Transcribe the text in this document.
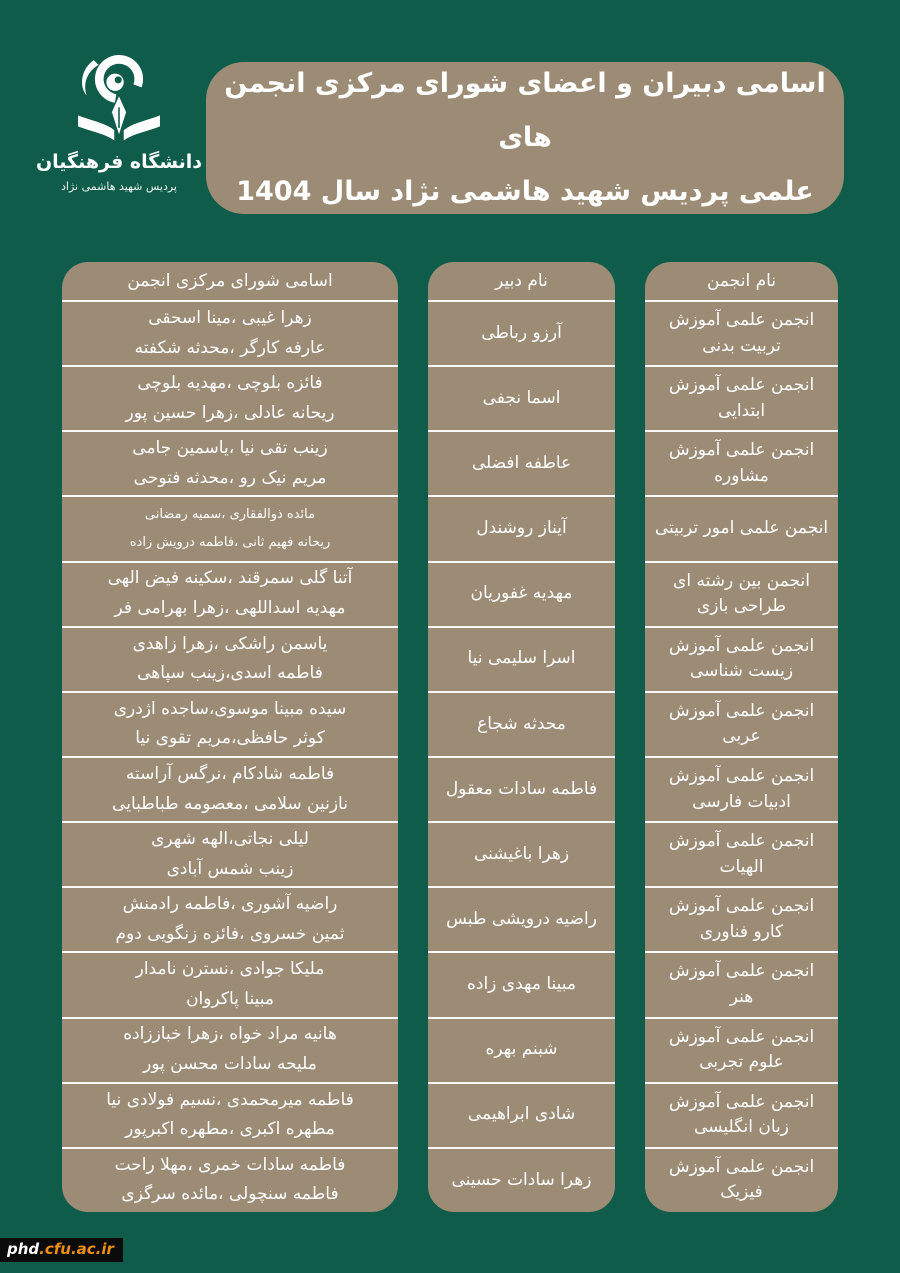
دانشگاه فرهنگیان
پردیس شهید هاشمی نژاد
اسامی دبیران و اعضای شورای مرکزی انجمن های
علمی پردیس شهید هاشمی نژاد سال 1404
نام انجمن
انجمن علمی آموزش
تربیت بدنی
انجمن علمی آموزش
ابتدایی
انجمن علمی آموزش
مشاوره
انجمن علمی امور تربیتی
انجمن بین رشته ای
طراحی بازی
انجمن علمی آموزش
زیست شناسی
انجمن علمی آموزش
عربی
انجمن علمی آموزش
ادبیات فارسی
انجمن علمی آموزش
الهیات
انجمن علمی آموزش
کارو فناوری
انجمن علمی آموزش
هنر
انجمن علمی آموزش
علوم تجربی
انجمن علمی آموزش
زبان انگلیسی
انجمن علمی آموزش
فیزیک
نام دبیر
آرزو رباطی
اسما نجفی
عاطفه افضلی
آیناز روشندل
مهدیه غفوریان
اسرا سلیمی نیا
محدثه شجاع
فاطمه سادات معقول
زهرا باغیشنی
راضیه درویشی طبس
مبینا مهدی زاده
شبنم بهره
شادی ابراهیمی
زهرا سادات حسینی
اسامی شورای مرکزی انجمن
زهرا غیبی ،مینا اسحقی
عارفه کارگر ،محدثه شکفته
فائزه بلوچی ،مهدیه بلوچی
ریحانه عادلی ،زهرا حسین پور
زینب تقی نیا ،یاسمین جامی
مریم نیک رو ،محدثه فتوحی
مائده ذوالفقاری ،سمیه رمضانی
ریحانه فهیم ثانی ،فاطمه درویش زاده
آتنا گلی سمرقند ،سکینه فیض الهی
مهدیه اسداللهی ،زهرا بهرامی فر
یاسمن راشکی ،زهرا زاهدی
فاطمه اسدی،زینب سپاهی
سیده مبینا موسوی،ساجده اژدری
کوثر حافظی،مریم تقوی نیا
فاطمه شادکام ،نرگس آراسته
نازنین سلامی ،معصومه طباطبایی
لیلی نجاتی،الهه شهری
زینب شمس آبادی
راضیه آشوری ،فاطمه رادمنش
ثمین خسروی ،فائزه زنگویی دوم
ملیکا جوادی ،نسترن نامدار
مبینا پاکروان
هانیه مراد خواه ،زهرا خباززاده
ملیحه سادات محسن پور
فاطمه میرمحمدی ،نسیم فولادی نیا
مطهره اکبری ،مطهره اکبرپور
فاطمه سادات خمری ،مهلا راحت
فاطمه سنچولی ،مائده سرگزی
phd.cfu.ac.ir
